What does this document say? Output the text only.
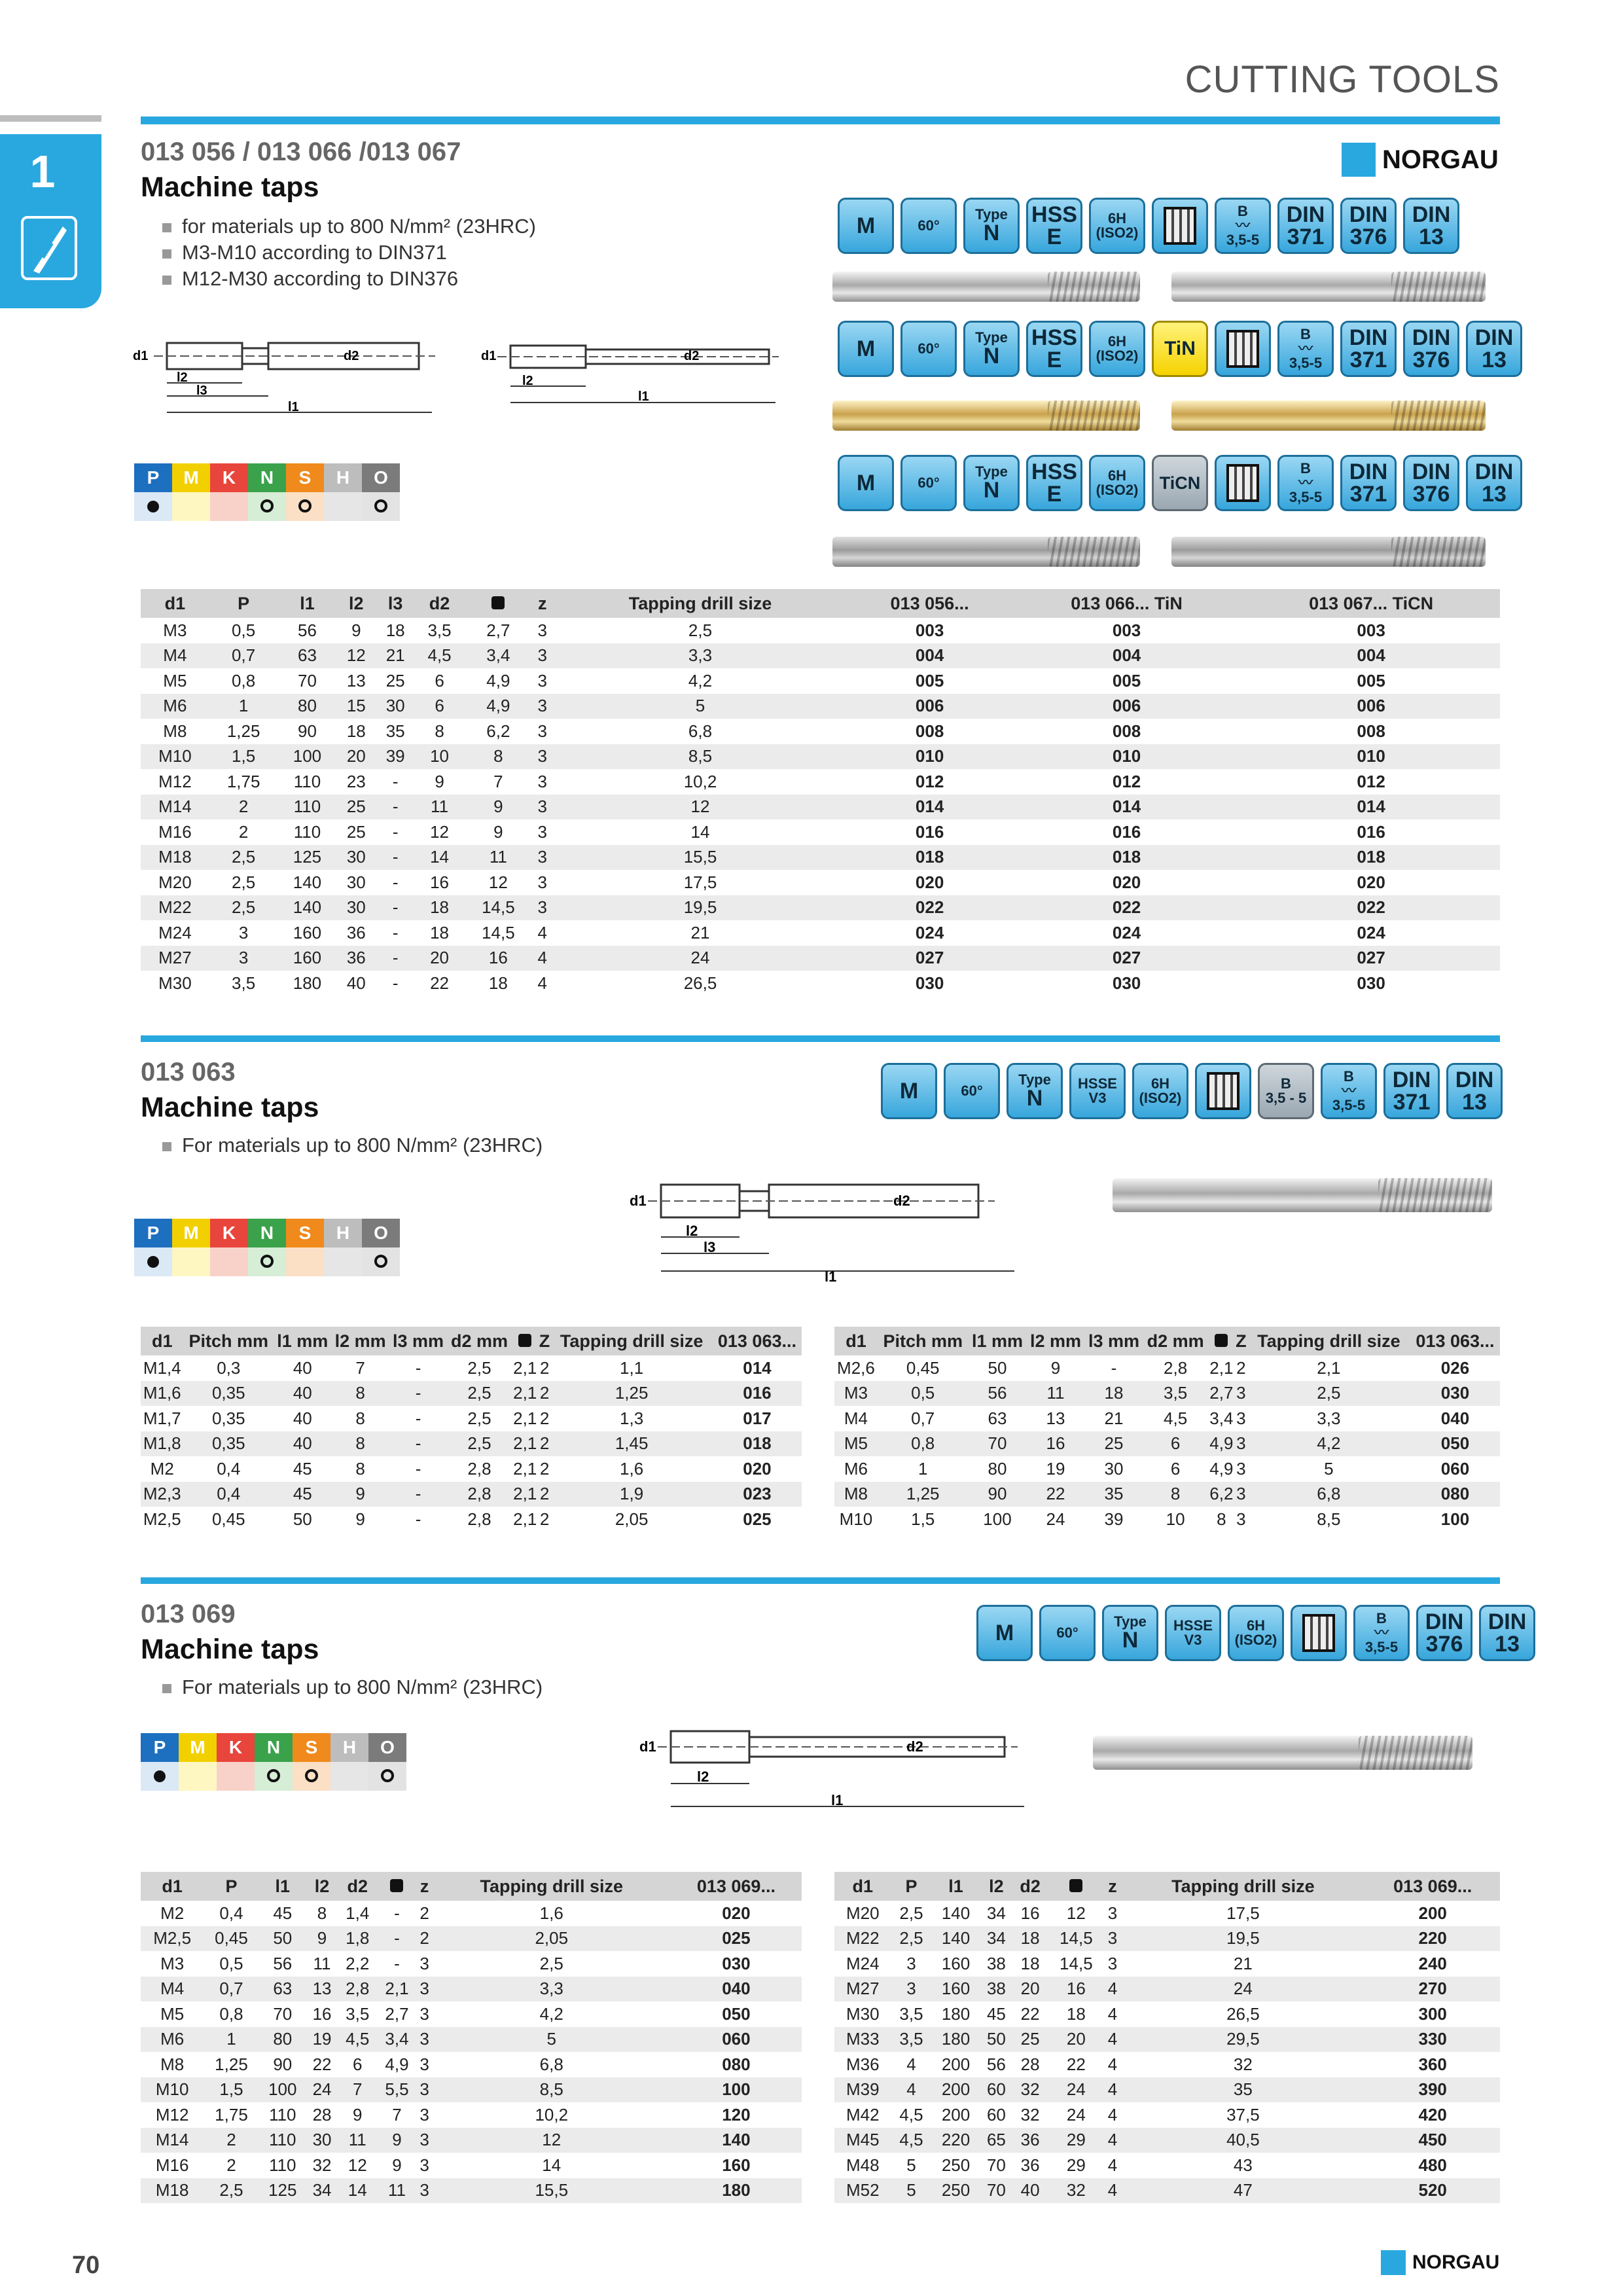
CUTTING TOOLS
1	013 056 / 013 066 /013 067
Machine taps
for materials up to 800 N/mm² (23HRC)
M3-M10 according to DIN371
M12-M30 according to DIN376
NORGAU
M	60°
Type
N
HSS
E
6H
(ISO2)
B
〰
3,5-5
DIN
371
DIN
376
DIN
13
M	60°
Type
N
HSS
E
6H
(ISO2) TiN
B
〰
3,5-5
DIN
371
DIN
376
DIN
13
M	60°
Type
N
HSS
E
6H
(ISO2) TiCN
B
〰
3,5-5
DIN
371
DIN
376
DIN
13
d1	d2
l2
l3
l1
d1	d2
l2
l1
P	M	K	N	S	H	O

P	M	K	N	S	H	O

P	M	K	N	S	H	O

d1	P	l1	l2	l3	d2		z	Tapping drill size	013 056...	013 066... TiN	013 067... TiCN
M3	0,5	56	9	18	3,5	2,7	3	2,5	003	003	003
M4	0,7	63	12	21	4,5	3,4	3	3,3	004	004	004
M5	0,8	70	13	25	6	4,9	3	4,2	005	005	005
M6	1	80	15	30	6	4,9	3	5	006	006	006
M8	1,25	90	18	35	8	6,2	3	6,8	008	008	008
M10	1,5	100	20	39	10	8	3	8,5	010	010	010
M12	1,75	110	23	-	9	7	3	10,2	012	012	012
M14	2	110	25	-	11	9	3	12	014	014	014
M16	2	110	25	-	12	9	3	14	016	016	016
M18	2,5	125	30	-	14	11	3	15,5	018	018	018
M20	2,5	140	30	-	16	12	3	17,5	020	020	020
M22	2,5	140	30	-	18	14,5	3	19,5	022	022	022
M24	3	160	36	-	18	14,5	4	21	024	024	024
M27	3	160	36	-	20	16	4	24	027	027	027
M30	3,5	180	40	-	22	18	4	26,5	030	030	030
013 063
Machine taps
For materials up to 800 N/mm² (23HRC)
M	60°
Type
N
HSSE
V3
6H
(ISO2)
B
3,5 - 5
B
〰
3,5-5
DIN
371
DIN
13
d1	d2
l2
l3
l1
d1	Pitch mm	l1 mm	l2 mm	l3 mm	d2 mm		Z	Tapping drill size	013 063...
M1,4	0,3	40	7	-	2,5	2,1	2	1,1	014
M1,6	0,35	40	8	-	2,5	2,1	2	1,25	016
M1,7	0,35	40	8	-	2,5	2,1	2	1,3	017
M1,8	0,35	40	8	-	2,5	2,1	2	1,45	018
M2	0,4	45	8	-	2,8	2,1	2	1,6	020
M2,3	0,4	45	9	-	2,8	2,1	2	1,9	023
M2,5	0,45	50	9	-	2,8	2,1	2	2,05	025
d1	Pitch mm	l1 mm	l2 mm	l3 mm	d2 mm		Z	Tapping drill size	013 063...
M2,6	0,45	50	9	-	2,8	2,1	2	2,1	026
M3	0,5	56	11	18	3,5	2,7	3	2,5	030
M4	0,7	63	13	21	4,5	3,4	3	3,3	040
M5	0,8	70	16	25	6	4,9	3	4,2	050
M6	1	80	19	30	6	4,9	3	5	060
M8	1,25	90	22	35	8	6,2	3	6,8	080
M10	1,5	100	24	39	10	8	3	8,5	100
013 069
Machine taps
For materials up to 800 N/mm² (23HRC)
M	60°
Type
N
HSSE
V3
6H
(ISO2)
B
〰
3,5-5
DIN
376
DIN
13
d1	d2
l2
l1
d1	P	l1	l2	d2		z	Tapping drill size	013 069...
M2	0,4	45	8	1,4	-	2	1,6	020
M2,5	0,45	50	9	1,8	-	2	2,05	025
M3	0,5	56	11	2,2	-	3	2,5	030
M4	0,7	63	13	2,8	2,1	3	3,3	040
M5	0,8	70	16	3,5	2,7	3	4,2	050
M6	1	80	19	4,5	3,4	3	5	060
M8	1,25	90	22	6	4,9	3	6,8	080
M10	1,5	100	24	7	5,5	3	8,5	100
M12	1,75	110	28	9	7	3	10,2	120
M14	2	110	30	11	9	3	12	140
M16	2	110	32	12	9	3	14	160
M18	2,5	125	34	14	11	3	15,5	180
d1	P	l1	l2	d2		z	Tapping drill size	013 069...
M20	2,5	140	34	16	12	3	17,5	200
M22	2,5	140	34	18	14,5	3	19,5	220
M24	3	160	38	18	14,5	3	21	240
M27	3	160	38	20	16	4	24	270
M30	3,5	180	45	22	18	4	26,5	300
M33	3,5	180	50	25	20	4	29,5	330
M36	4	200	56	28	22	4	32	360
M39	4	200	60	32	24	4	35	390
M42	4,5	200	60	32	24	4	37,5	420
M45	4,5	220	65	36	29	4	40,5	450
M48	5	250	70	36	29	4	43	480
M52	5	250	70	40	32	4	47	520
70	NORGAU
